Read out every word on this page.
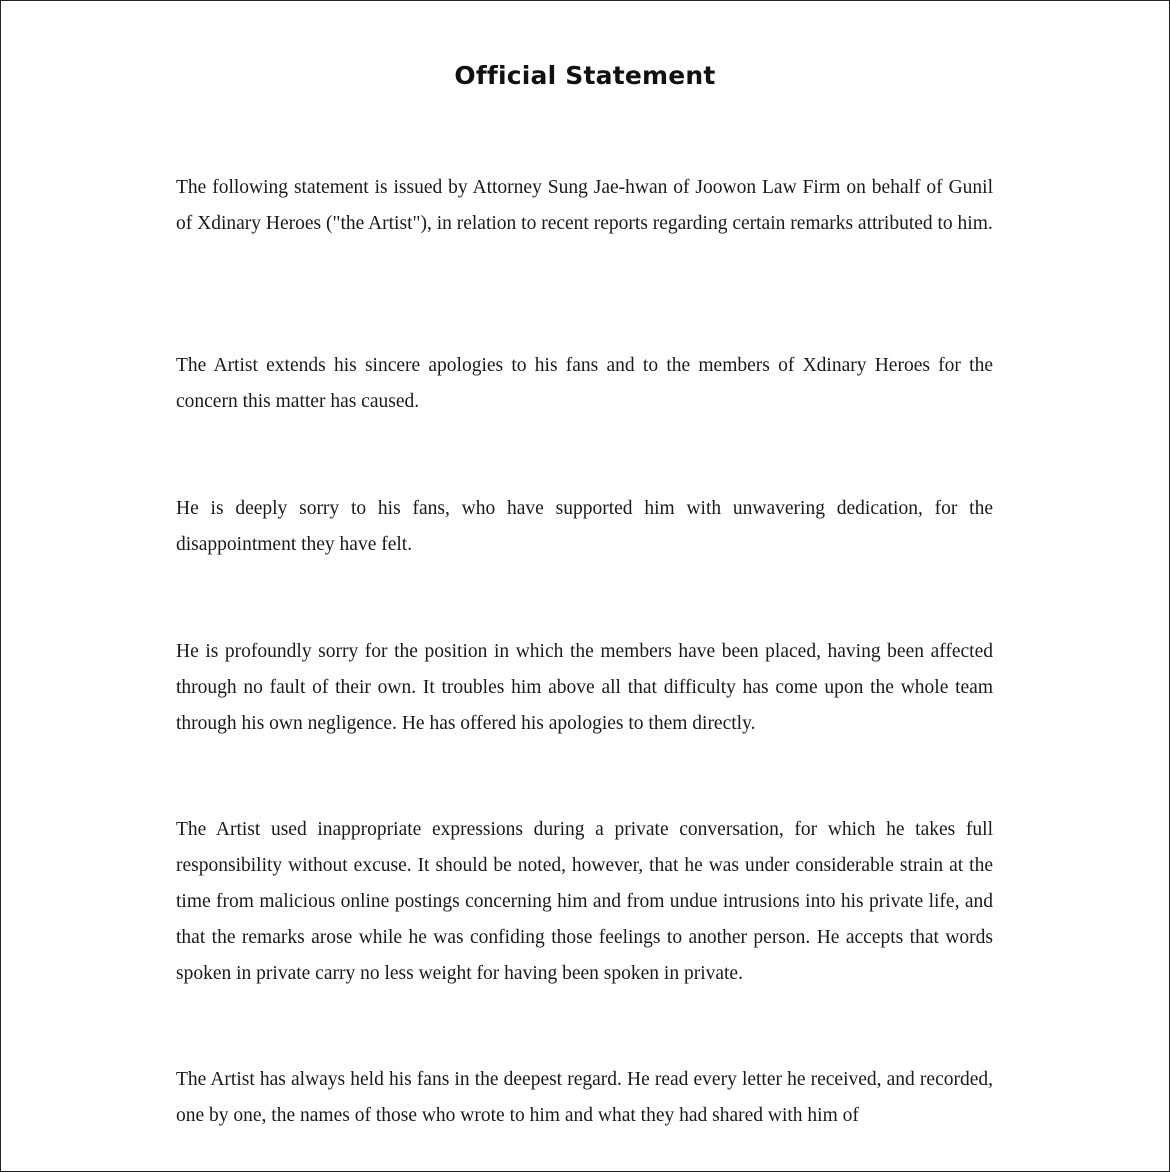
Official Statement

The following statement is issued by Attorney Sung Jae-hwan of Joowon Law Firm on behalf of Gunil of Xdinary Heroes ("the Artist"), in relation to recent reports regarding certain remarks attributed to him.

The Artist extends his sincere apologies to his fans and to the members of Xdinary Heroes for the concern this matter has caused.

He is deeply sorry to his fans, who have supported him with unwavering dedication, for the disappointment they have felt.

He is profoundly sorry for the position in which the members have been placed, having been affected through no fault of their own. It troubles him above all that difficulty has come upon the whole team through his own negligence. He has offered his apologies to them directly.

The Artist used inappropriate expressions during a private conversation, for which he takes full responsibility without excuse. It should be noted, however, that he was under considerable strain at the time from malicious online postings concerning him and from undue intrusions into his private life, and that the remarks arose while he was confiding those feelings to another person. He accepts that words spoken in private carry no less weight for having been spoken in private.

The Artist has always held his fans in the deepest regard. He read every letter he received, and recorded, one by one, the names of those who wrote to him and what they had shared with him of
